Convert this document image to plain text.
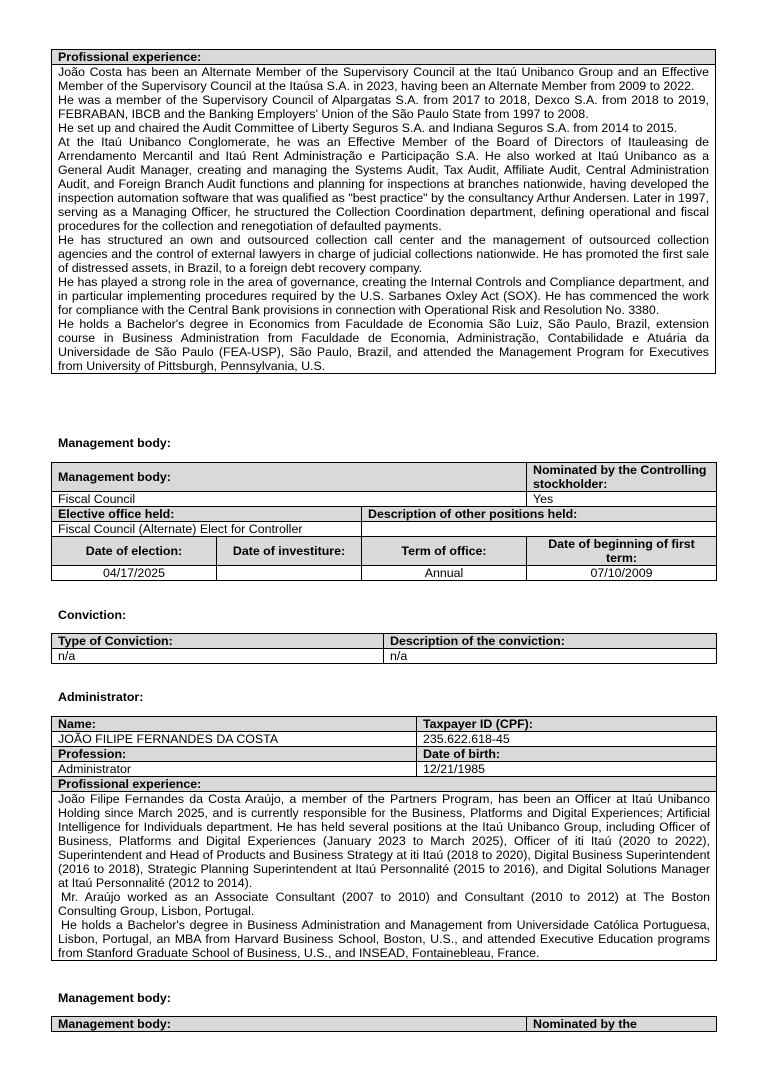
Profissional experience:

João Costa has been an Alternate Member of the Supervisory Council at the Itaú Unibanco Group and an Effective Member of the Supervisory Council at the Itaúsa S.A. in 2023, having been an Alternate Member from 2009 to 2022.

He was a member of the Supervisory Council of Alpargatas S.A. from 2017 to 2018, Dexco S.A. from 2018 to 2019, FEBRABAN, IBCB and the Banking Employers' Union of the São Paulo State from 1997 to 2008.

He set up and chaired the Audit Committee of Liberty Seguros S.A. and Indiana Seguros S.A. from 2014 to 2015.

At the Itaú Unibanco Conglomerate, he was an Effective Member of the Board of Directors of Itauleasing de Arrendamento Mercantil and Itaú Rent Administração e Participação S.A. He also worked at Itaú Unibanco as a General Audit Manager, creating and managing the Systems Audit, Tax Audit, Affiliate Audit, Central Administration Audit, and Foreign Branch Audit functions and planning for inspections at branches nationwide, having developed the inspection automation software that was qualified as "best practice" by the consultancy Arthur Andersen. Later in 1997, serving as a Managing Officer, he structured the Collection Coordination department, defining operational and fiscal procedures for the collection and renegotiation of defaulted payments.

He has structured an own and outsourced collection call center and the management of outsourced collection agencies and the control of external lawyers in charge of judicial collections nationwide. He has promoted the first sale of distressed assets, in Brazil, to a foreign debt recovery company.

He has played a strong role in the area of governance, creating the Internal Controls and Compliance department, and in particular implementing procedures required by the U.S. Sarbanes Oxley Act (SOX). He has commenced the work for compliance with the Central Bank provisions in connection with Operational Risk and Resolution No. 3380.

He holds a Bachelor's degree in Economics from Faculdade de Economia São Luiz, São Paulo, Brazil, extension course in Business Administration from Faculdade de Economia, Administração, Contabilidade e Atuária da Universidade de São Paulo (FEA-USP), São Paulo, Brazil, and attended the Management Program for Executives from University of Pittsburgh, Pennsylvania, U.S.

Management body:
Management body:			Nominated by the Controlling stockholder:
Fiscal Council			Yes
Elective office held:		Description of other positions held:	
Fiscal Council (Alternate) Elect for Controller			
Date of election:	Date of investiture:	Term of office:	Date of beginning of first term:
04/17/2025		Annual	07/10/2009
Conviction:
Type of Conviction:	Description of the conviction:
n/a	n/a
Administrator:
Name:	Taxpayer ID (CPF):
JOÃO FILIPE FERNANDES DA COSTA	235.622.618-45
Profession:	Date of birth:
Administrator	12/21/1985
Profissional experience:	

João Filipe Fernandes da Costa Araújo, a member of the Partners Program, has been an Officer at Itaú Unibanco Holding since March 2025, and is currently responsible for the Business, Platforms and Digital Experiences; Artificial Intelligence for Individuals department. He has held several positions at the Itaú Unibanco Group, including Officer of Business, Platforms and Digital Experiences (January 2023 to March 2025), Officer of iti Itaú (2020 to 2022), Superintendent and Head of Products and Business Strategy at iti Itaú (2018 to 2020), Digital Business Superintendent (2016 to 2018), Strategic Planning Superintendent at Itaú Personnalité (2015 to 2016), and Digital Solutions Manager at Itaú Personnalité (2012 to 2014).

Mr. Araújo worked as an Associate Consultant (2007 to 2010) and Consultant (2010 to 2012) at The Boston Consulting Group, Lisbon, Portugal.

He holds a Bachelor's degree in Business Administration and Management from Universidade Católica Portuguesa, Lisbon, Portugal, an MBA from Harvard Business School, Boston, U.S., and attended Executive Education programs from Stanford Graduate School of Business, U.S., and INSEAD, Fontainebleau, France.	

Management body:
Management body:	Nominated by the
